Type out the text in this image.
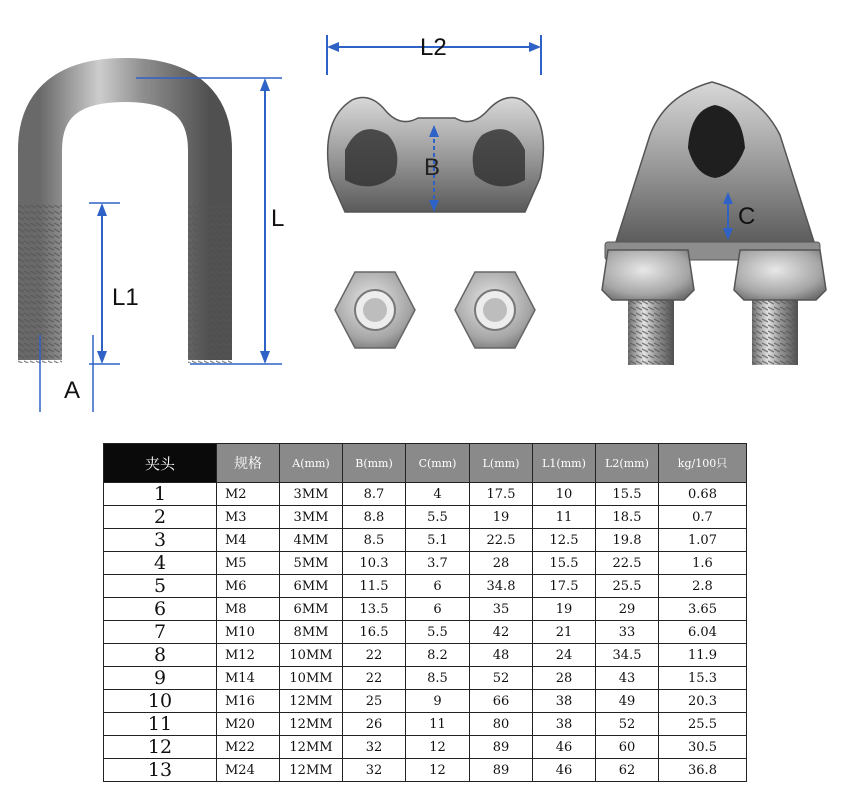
L2
B
L
L1
A
C
夹头	规格	A(mm)	B(mm)	C(mm)	L(mm)	L1(mm)	L2(mm)	kg/100只
1	M2	3MM	8.7	4	17.5	10	15.5	0.68
2	M3	3MM	8.8	5.5	19	11	18.5	0.7
3	M4	4MM	8.5	5.1	22.5	12.5	19.8	1.07
4	M5	5MM	10.3	3.7	28	15.5	22.5	1.6
5	M6	6MM	11.5	6	34.8	17.5	25.5	2.8
6	M8	6MM	13.5	6	35	19	29	3.65
7	M10	8MM	16.5	5.5	42	21	33	6.04
8	M12	10MM	22	8.2	48	24	34.5	11.9
9	M14	10MM	22	8.5	52	28	43	15.3
10	M16	12MM	25	9	66	38	49	20.3
11	M20	12MM	26	11	80	38	52	25.5
12	M22	12MM	32	12	89	46	60	30.5
13	M24	12MM	32	12	89	46	62	36.8
